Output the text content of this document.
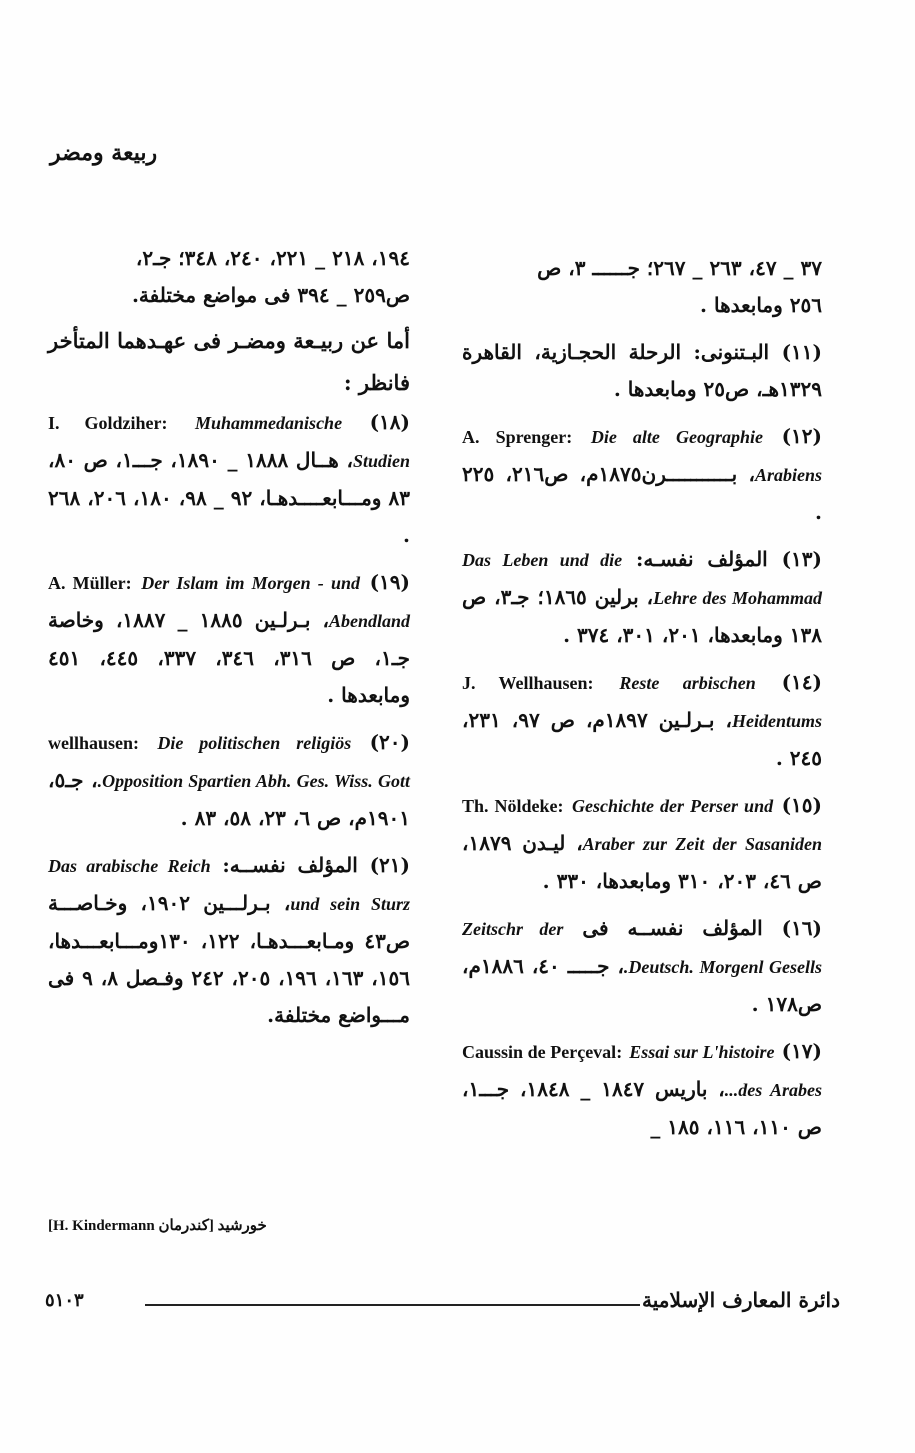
ربيعة ومضر

٣٧ _ ٤٧، ٢٦٣ _ ٢٦٧؛ جــــــ ٣، ص

٢٥٦ ومابعدها .

(١١) البـتنونى: الرحلة الحجـازية، القاهرة ١٣٢٩هـ، ص٢٥ ومابعدها .

(١٢) A. Sprenger: Die alte Geographie Arabiens، بـــــــــــرن١٨٧٥م، ص٢١٦، ٢٢٥ .

(١٣) المؤلف نفسـه: Das Leben und die Lehre des Mohammad، برلين ١٨٦٥؛ جـ٣، ص ١٣٨ ومابعدها، ٢٠١، ٣٠١، ٣٧٤ .

(١٤) J. Wellhausen: Reste arbischen Heidentums، بـرلـين ١٨٩٧م، ص ٩٧، ٢٣١، ٢٤٥ .

(١٥) Th. Nöldeke: Geschichte der Perser und Araber zur Zeit der Sasaniden، ليـدن ١٨٧٩، ص ٤٦، ٢٠٣، ٣١٠ ومابعدها، ٣٣٠ .

(١٦) المؤلف نفســه فى Zeitschr der Deutsch. Morgenl Gesells.، جـــــ ٤٠، ١٨٨٦م، ص١٧٨ .

(١٧) Caussin de Perçeval: Essai sur L'histoire des Arabes...، باريس ١٨٤٧ _ ١٨٤٨، جـــ١، ص ١١٠، ١١٦، ١٨٥ _

١٩٤، ٢١٨ _ ٢٢١، ٢٤٠، ٣٤٨؛ جـ٢،

ص٢٥٩ _ ٣٩٤ فى مواضع مختلفة.

أما عن ربيـعة ومضـر فى عهـدهما المتأخر فانظر :

(١٨) I. Goldziher: Muhammedanische Studien، هــال ١٨٨٨ _ ١٨٩٠، جـــ١، ص ٨٠، ٨٣ ومـــابعــــدهـا، ٩٢ _ ٩٨، ١٨٠، ٢٠٦، ٢٦٨ .

(١٩) A. Müller: Der Islam im Morgen - und Abendland، بـرلـين ١٨٨٥ _ ١٨٨٧، وخاصة جـ١، ص ٣١٦، ٣٤٦، ٣٣٧، ٤٤٥، ٤٥١ ومابعدها .

(٢٠) wellhausen: Die politischen religiös Opposition Spartien Abh. Ges. Wiss. Gott.، جـ٥، ١٩٠١م، ص ٦، ٢٣، ٥٨، ٨٣ .

(٢١) المؤلف نفســه: Das arabische Reich und sein Sturz، بـرلـــين ١٩٠٢، وخـاصـــة ص٤٣ ومـابعـــدهـا، ١٢٢، ١٣٠ومـــابعـــدها، ١٥٦، ١٦٣، ١٩٦، ٢٠٥، ٢٤٢ وفـصل ٨، ٩ فى مـــواضع مختلفة.

[H. Kindermann خورشيد [كندرمان
٥١٠٣	دائرة المعارف الإسلامية
